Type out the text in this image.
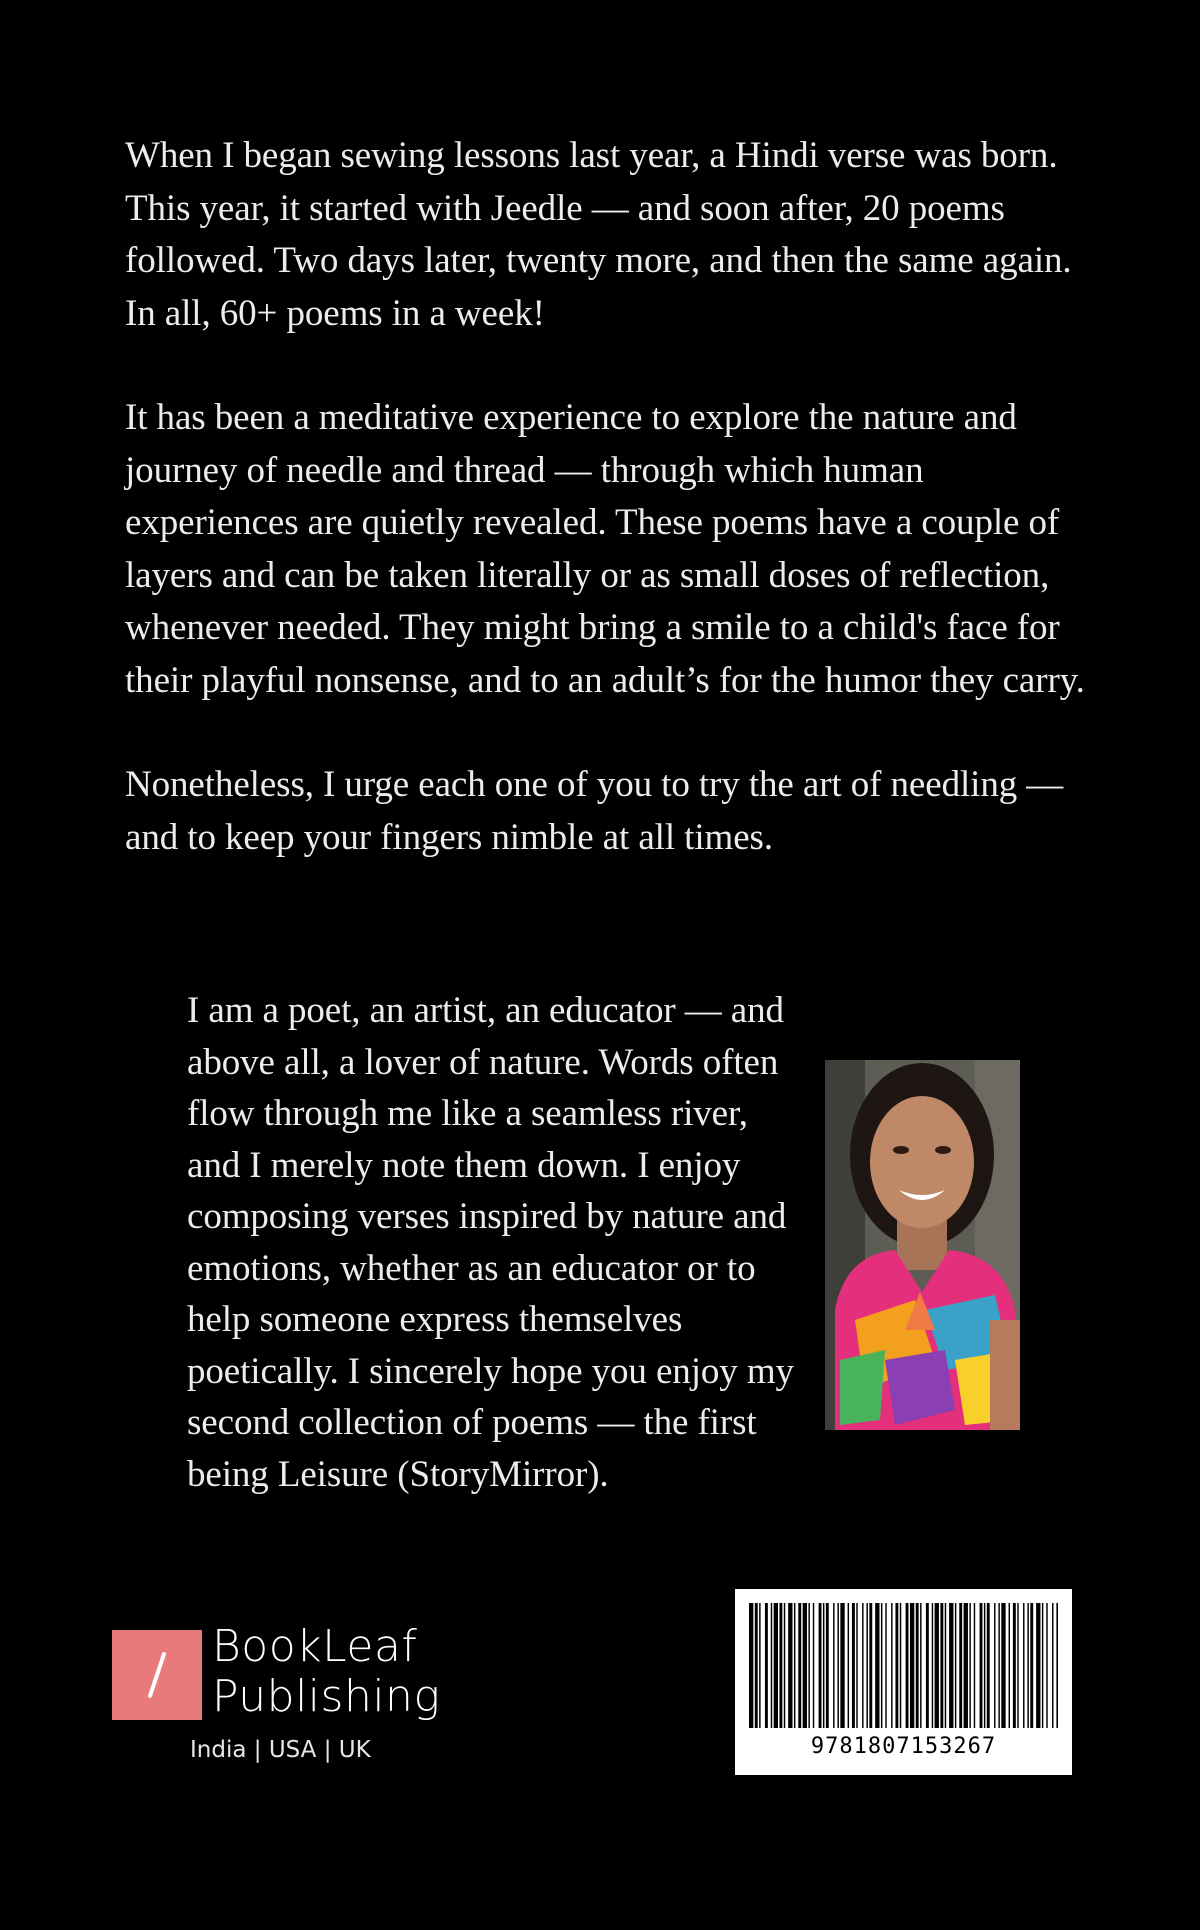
When I began sewing lessons last year, a Hindi verse was born. This year, it started with Jeedle — and soon after, 20 poems followed. Two days later, twenty more, and then the same again. In all, 60+ poems in a week!

It has been a meditative experience to explore the nature and journey of needle and thread — through which human experiences are quietly revealed. These poems have a couple of layers and can be taken literally or as small doses of reflection, whenever needed. They might bring a smile to a child's face for their playful nonsense, and to an adult’s for the humor they carry.

Nonetheless, I urge each one of you to try the art of needling — and to keep your fingers nimble at all times.

I am a poet, an artist, an educator — and above all, a lover of nature. Words often flow through me like a seamless river, and I merely note them down. I enjoy composing verses inspired by nature and emotions, whether as an educator or to help someone express themselves poetically. I sincerely hope you enjoy my second collection of poems — the first being Leisure (StoryMirror).

BookLeaf
Publishing
India | USA | UK	9781807153267
